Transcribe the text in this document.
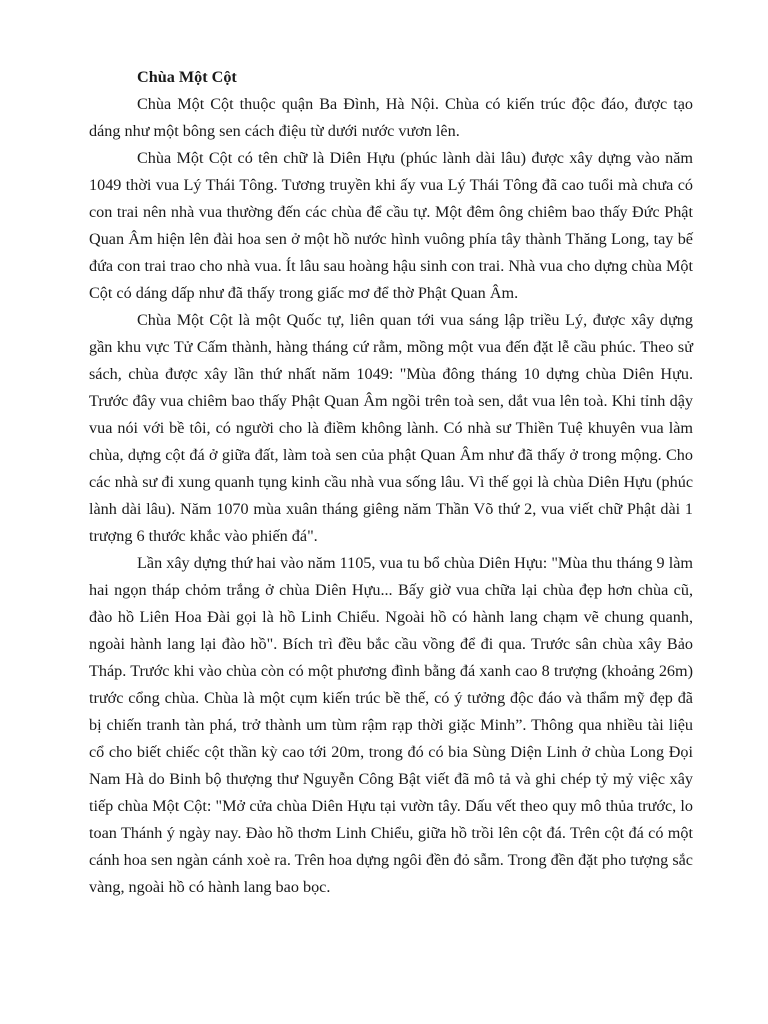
Chùa Một Cột

Chùa Một Cột thuộc quận Ba Đình, Hà Nội. Chùa có kiến trúc độc đáo, được tạo dáng như một bông sen cách điệu từ dưới nước vươn lên.

Chùa Một Cột có tên chữ là Diên Hựu (phúc lành dài lâu) được xây dựng vào năm 1049 thời vua Lý Thái Tông. Tương truyền khi ấy vua Lý Thái Tông đã cao tuổi mà chưa có con trai nên nhà vua thường đến các chùa để cầu tự. Một đêm ông chiêm bao thấy Đức Phật Quan Âm hiện lên đài hoa sen ở một hồ nước hình vuông phía tây thành Thăng Long, tay bế đứa con trai trao cho nhà vua. Ít lâu sau hoàng hậu sinh con trai. Nhà vua cho dựng chùa Một Cột có dáng dấp như đã thấy trong giấc mơ để thờ Phật Quan Âm.

Chùa Một Cột là một Quốc tự, liên quan tới vua sáng lập triều Lý, được xây dựng gần khu vực Tử Cấm thành, hàng tháng cứ rằm, mồng một vua đến đặt lễ cầu phúc. Theo sử sách, chùa được xây lần thứ nhất năm 1049: "Mùa đông tháng 10 dựng chùa Diên Hựu. Trước đây vua chiêm bao thấy Phật Quan Âm ngồi trên toà sen, dắt vua lên toà. Khi tỉnh dậy vua nói với bề tôi, có người cho là điềm không lành. Có nhà sư Thiền Tuệ khuyên vua làm chùa, dựng cột đá ở giữa đất, làm toà sen của phật Quan Âm như đã thấy ở trong mộng. Cho các nhà sư đi xung quanh tụng kinh cầu nhà vua sống lâu. Vì thế gọi là chùa Diên Hựu (phúc lành dài lâu). Năm 1070 mùa xuân tháng giêng năm Thần Võ thứ 2, vua viết chữ Phật dài 1 trượng 6 thước khắc vào phiến đá".

Lần xây dựng thứ hai vào năm 1105, vua tu bổ chùa Diên Hựu: "Mùa thu tháng 9 làm hai ngọn tháp chỏm trắng ở chùa Diên Hựu... Bấy giờ vua chữa lại chùa đẹp hơn chùa cũ, đào hồ Liên Hoa Đài gọi là hồ Linh Chiểu. Ngoài hồ có hành lang chạm vẽ chung quanh, ngoài hành lang lại đào hồ". Bích trì đều bắc cầu vồng để đi qua. Trước sân chùa xây Bảo Tháp. Trước khi vào chùa còn có một phương đình bằng đá xanh cao 8 trượng (khoảng 26m) trước cổng chùa. Chùa là một cụm kiến trúc bề thế, có ý tưởng độc đáo và thẩm mỹ đẹp đã bị chiến tranh tàn phá, trở thành um tùm rậm rạp thời giặc Minh”. Thông qua nhiều tài liệu cổ cho biết chiếc cột thần kỳ cao tới 20m, trong đó có bia Sùng Diện Linh ở chùa Long Đọi Nam Hà do Binh bộ thượng thư Nguyễn Công Bật viết đã mô tả và ghi chép tỷ mỷ việc xây tiếp chùa Một Cột: "Mở cửa chùa Diên Hựu tại vườn tây. Dấu vết theo quy mô thủa trước, lo toan Thánh ý ngày nay. Đào hồ thơm Linh Chiểu, giữa hồ trồi lên cột đá. Trên cột đá có một cánh hoa sen ngàn cánh xoè ra. Trên hoa dựng ngôi đền đỏ sẫm. Trong đền đặt pho tượng sắc vàng, ngoài hồ có hành lang bao bọc.
